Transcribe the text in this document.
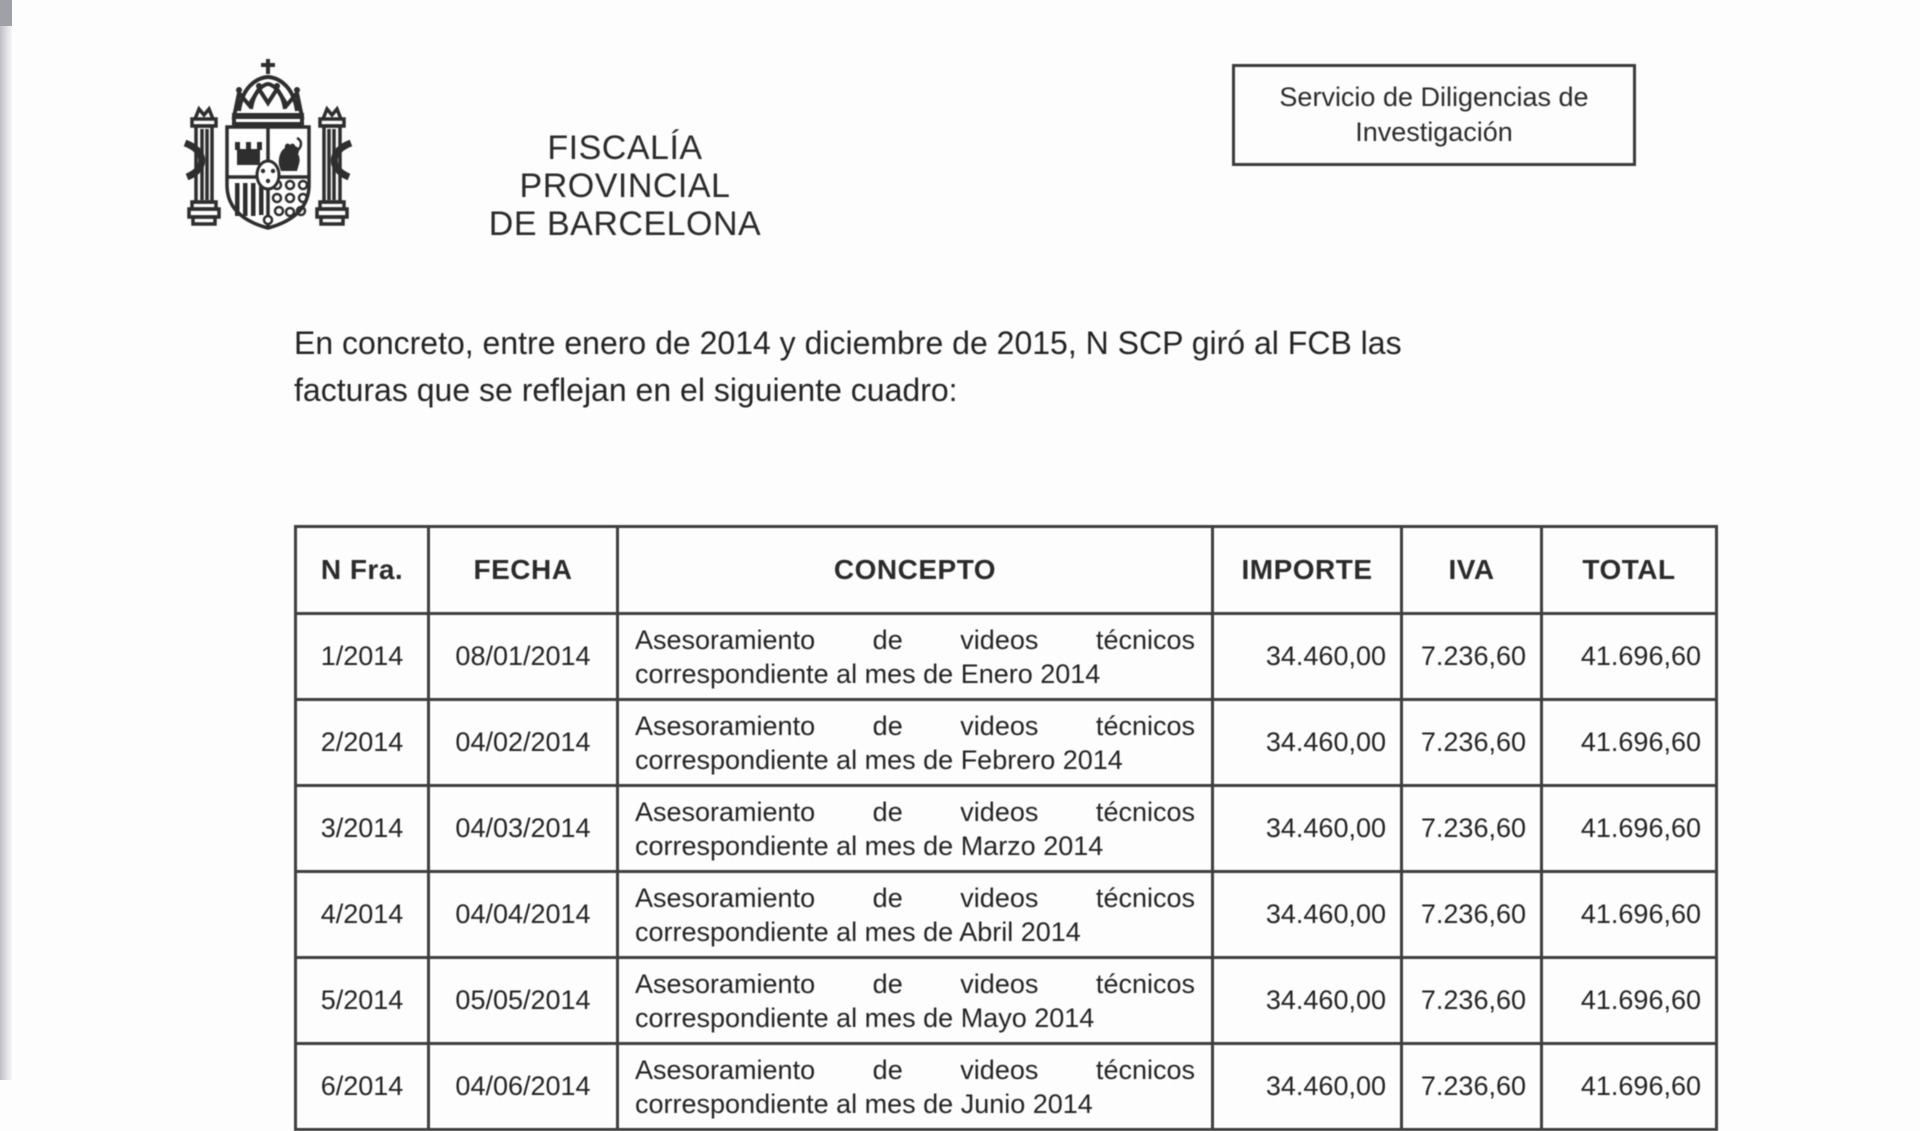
FISCALÍA PROVINCIAL
DE BARCELONA
Servicio de Diligencias de Investigación
En concreto, entre enero de 2014 y diciembre de 2015, N SCP giró al FCB las
facturas que se reflejan en el siguiente cuadro:
N Fra.	FECHA	CONCEPTO	IMPORTE	IVA	TOTAL
1/2014	08/01/2014	Asesoramiento de videos técnicos correspondiente al mes de Enero 2014	34.460,00	7.236,60	41.696,60
2/2014	04/02/2014	Asesoramiento de videos técnicos correspondiente al mes de Febrero 2014	34.460,00	7.236,60	41.696,60
3/2014	04/03/2014	Asesoramiento de videos técnicos correspondiente al mes de Marzo 2014	34.460,00	7.236,60	41.696,60
4/2014	04/04/2014	Asesoramiento de videos técnicos correspondiente al mes de Abril 2014	34.460,00	7.236,60	41.696,60
5/2014	05/05/2014	Asesoramiento de videos técnicos correspondiente al mes de Mayo 2014	34.460,00	7.236,60	41.696,60
6/2014	04/06/2014	Asesoramiento de videos técnicos correspondiente al mes de Junio 2014	34.460,00	7.236,60	41.696,60
